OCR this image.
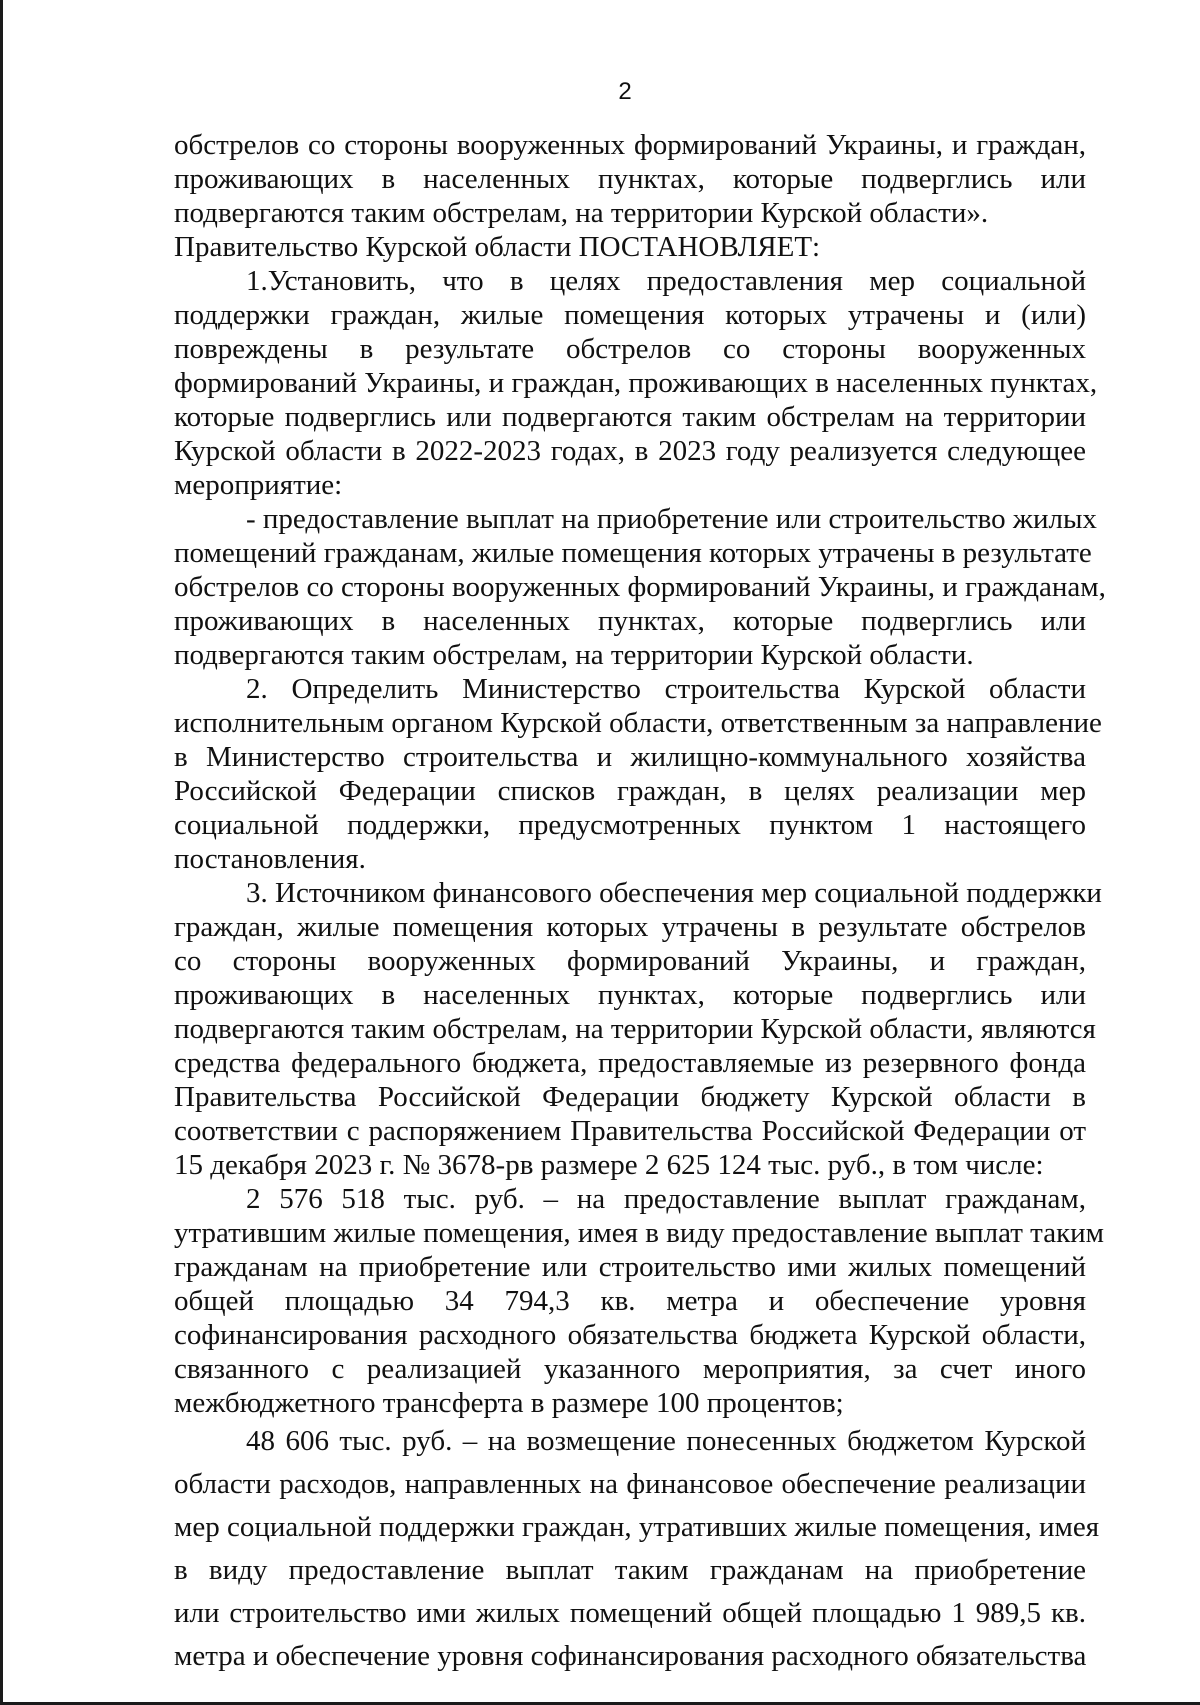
2
обстрелов со стороны вооруженных формирований Украины, и граждан,
проживающих в населенных пунктах, которые подверглись или
подвергаются таким обстрелам, на территории Курской области».
Правительство Курской области ПОСТАНОВЛЯЕТ:
1.Установить, что в целях предоставления мер социальной
поддержки граждан, жилые помещения которых утрачены и (или)
повреждены в результате обстрелов со стороны вооруженных
формирований Украины, и граждан, проживающих в населенных пунктах,
которые подверглись или подвергаются таким обстрелам на территории
Курской области в 2022-2023 годах, в 2023 году реализуется следующее
мероприятие:
- предоставление выплат на приобретение или строительство жилых
помещений гражданам, жилые помещения которых утрачены в результате
обстрелов со стороны вооруженных формирований Украины, и гражданам,
проживающих в населенных пунктах, которые подверглись или
подвергаются таким обстрелам, на территории Курской области.
2. Определить Министерство строительства Курской области
исполнительным органом Курской области, ответственным за направление
в Министерство строительства и жилищно-коммунального хозяйства
Российской Федерации списков граждан, в целях реализации мер
социальной поддержки, предусмотренных пунктом 1 настоящего
постановления.
3. Источником финансового обеспечения мер социальной поддержки
граждан, жилые помещения которых утрачены в результате обстрелов
со стороны вооруженных формирований Украины, и граждан,
проживающих в населенных пунктах, которые подверглись или
подвергаются таким обстрелам, на территории Курской области, являются
средства федерального бюджета, предоставляемые из резервного фонда
Правительства Российской Федерации бюджету Курской области в
соответствии с распоряжением Правительства Российской Федерации от
15 декабря 2023 г. № 3678-рв размере 2 625 124 тыс. руб., в том числе:
2 576 518 тыс. руб. – на предоставление выплат гражданам,
утратившим жилые помещения, имея в виду предоставление выплат таким
гражданам на приобретение или строительство ими жилых помещений
общей площадью 34 794,3 кв. метра и обеспечение уровня
софинансирования расходного обязательства бюджета Курской области,
связанного с реализацией указанного мероприятия, за счет иного
межбюджетного трансферта в размере 100 процентов;
48 606 тыс. руб. – на возмещение понесенных бюджетом Курской
области расходов, направленных на финансовое обеспечение реализации
мер социальной поддержки граждан, утративших жилые помещения, имея
в виду предоставление выплат таким гражданам на приобретение
или строительство ими жилых помещений общей площадью 1 989,5 кв.
метра и обеспечение уровня софинансирования расходного обязательства
